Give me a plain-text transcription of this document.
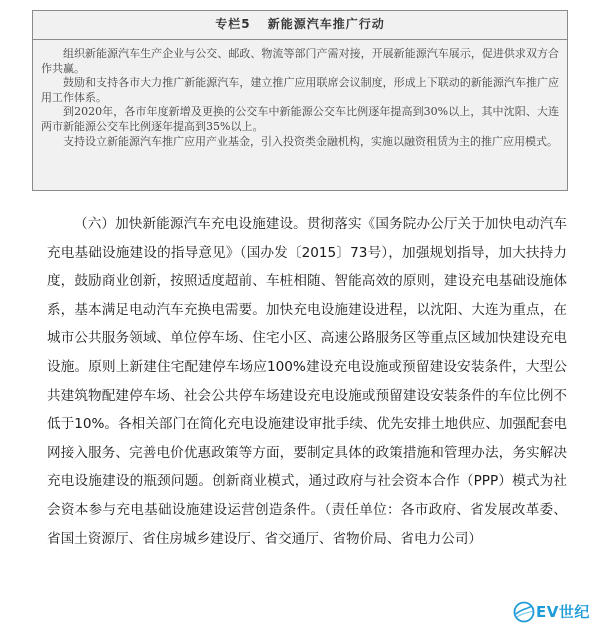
专栏5 新能源汽车推广行动

组织新能源汽车生产企业与公交、邮政、物流等部门产需对接，开展新能源汽车展示，促进供求双方合作共赢。

鼓励和支持各市大力推广新能源汽车，建立推广应用联席会议制度，形成上下联动的新能源汽车推广应用工作体系。

到2020年，各市年度新增及更换的公交车中新能源公交车比例逐年提高到30%以上，其中沈阳、大连两市新能源公交车比例逐年提高到35%以上。

支持设立新能源汽车推广应用产业基金，引入投资类金融机构，实施以融资租赁为主的推广应用模式。

（六）加快新能源汽车充电设施建设。贯彻落实《国务院办公厅关于加快电动汽车充电基础设施建设的指导意见》（国办发〔2015〕73号），加强规划指导，加大扶持力度，鼓励商业创新，按照适度超前、车桩相随、智能高效的原则，建设充电基础设施体系，基本满足电动汽车充换电需要。加快充电设施建设进程，以沈阳、大连为重点，在城市公共服务领域、单位停车场、住宅小区、高速公路服务区等重点区域加快建设充电设施。原则上新建住宅配建停车场应100%建设充电设施或预留建设安装条件，大型公共建筑物配建停车场、社会公共停车场建设充电设施或预留建设安装条件的车位比例不低于10%。各相关部门在简化充电设施建设审批手续、优先安排土地供应、加强配套电网接入服务、完善电价优惠政策等方面，要制定具体的政策措施和管理办法，务实解决充电设施建设的瓶颈问题。创新商业模式，通过政府与社会资本合作（PPP）模式为社会资本参与充电基础设施建设运营创造条件。（责任单位：各市政府、省发展改革委、省国土资源厅、省住房城乡建设厅、省交通厅、省物价局、省电力公司）
EV世纪
